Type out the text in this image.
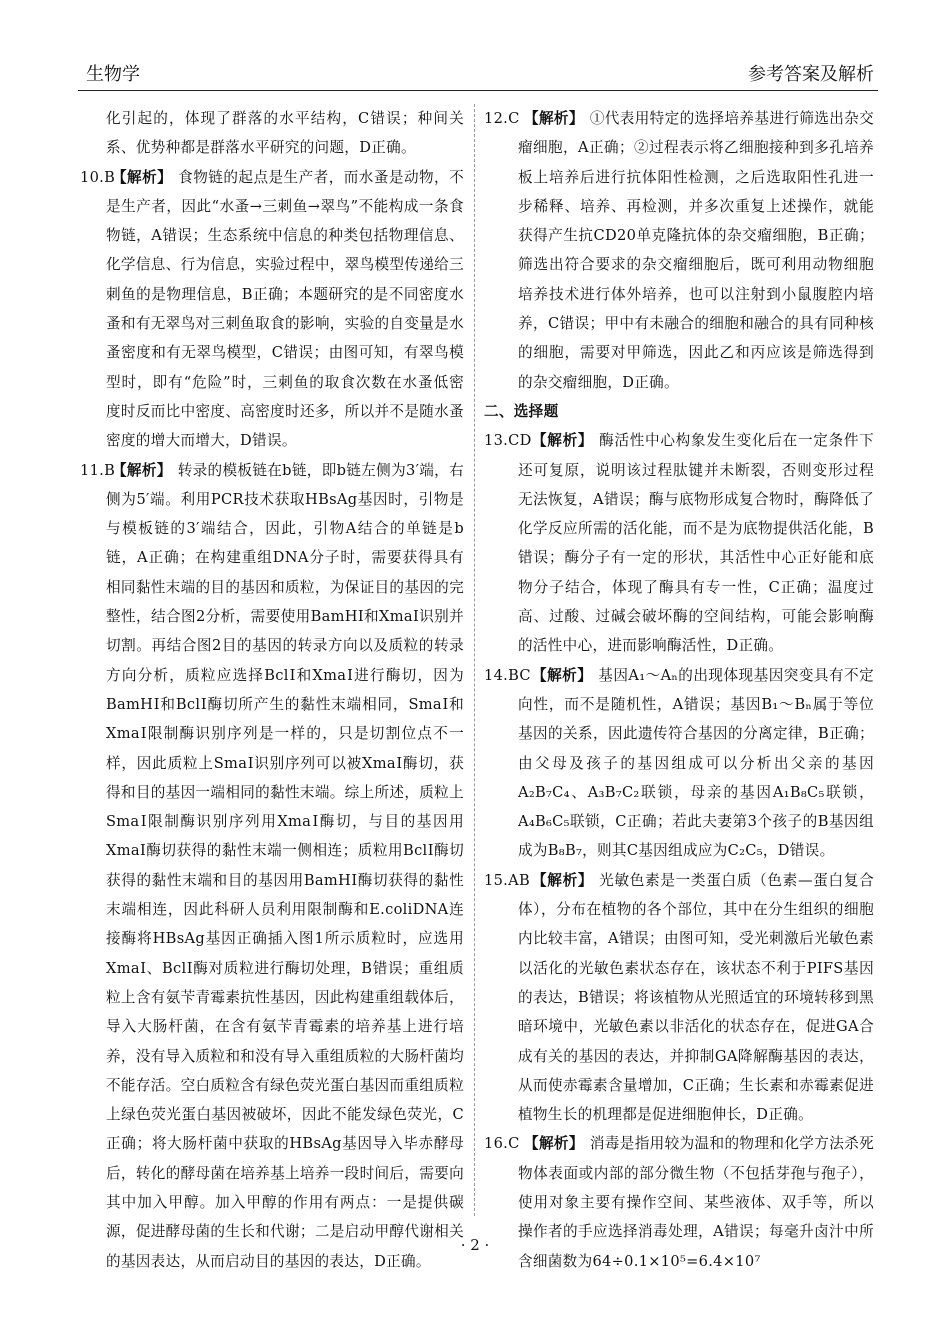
生物学	参考答案及解析

化引起的，体现了群落的水平结构，C错误；种间关系、优势种都是群落水平研究的问题，D正确。

10.B
【解析】 食物链的起点是生产者，而水蚤是动物，不是生产者，因此“水蚤→三刺鱼→翠鸟”不能构成一条食物链，A错误；生态系统中信息的种类包括物理信息、化学信息、行为信息，实验过程中，翠鸟模型传递给三刺鱼的是物理信息，B正确；本题研究的是不同密度水蚤和有无翠鸟对三刺鱼取食的影响，实验的自变量是水蚤密度和有无翠鸟模型，C错误；由图可知，有翠鸟模型时，即有“危险”时，三刺鱼的取食次数在水蚤低密度时反而比中密度、高密度时还多，所以并不是随水蚤密度的增大而增大，D错误。

11.B
【解析】 转录的模板链在b链，即b链左侧为3′端，右侧为5′端。利用PCR技术获取HBsAg基因时，引物是与模板链的3′端结合，因此，引物A结合的单链是b链，A正确；在构建重组DNA分子时，需要获得具有相同黏性末端的目的基因和质粒，为保证目的基因的完整性，结合图2分析，需要使用BamHⅠ和XmaⅠ识别并切割。再结合图2目的基因的转录方向以及质粒的转录方向分析，质粒应选择BclⅠ和XmaⅠ进行酶切，因为BamHⅠ和BclⅠ酶切所产生的黏性末端相同，SmaⅠ和XmaⅠ限制酶识别序列是一样的，只是切割位点不一样，因此质粒上SmaⅠ识别序列可以被XmaⅠ酶切，获得和目的基因一端相同的黏性末端。综上所述，质粒上SmaⅠ限制酶识别序列用XmaⅠ酶切，与目的基因用XmaⅠ酶切获得的黏性末端一侧相连；质粒用BclⅠ酶切获得的黏性末端和目的基因用BamHⅠ酶切获得的黏性末端相连，因此科研人员利用限制酶和E.coliDNA连接酶将HBsAg基因正确插入图1所示质粒时，应选用XmaⅠ、BclⅠ酶对质粒进行酶切处理，B错误；重组质粒上含有氨苄青霉素抗性基因，因此构建重组载体后，导入大肠杆菌，在含有氨苄青霉素的培养基上进行培养，没有导入质粒和和没有导入重组质粒的大肠杆菌均不能存活。空白质粒含有绿色荧光蛋白基因而重组质粒上绿色荧光蛋白基因被破坏，因此不能发绿色荧光，C正确；将大肠杆菌中获取的HBsAg基因导入毕赤酵母后，转化的酵母菌在培养基上培养一段时间后，需要向其中加入甲醇。加入甲醇的作用有两点：一是提供碳源，促进酵母菌的生长和代谢；二是启动甲醇代谢相关的基因表达，从而启动目的基因的表达，D正确。

12.C 【解析】 ①代表用特定的选择培养基进行筛选出杂交瘤细胞，A正确；②过程表示将乙细胞接种到多孔培养板上培养后进行抗体阳性检测，之后选取阳性孔进一步稀释、培养、再检测，并多次重复上述操作，就能获得产生抗CD20单克隆抗体的杂交瘤细胞，B正确；筛选出符合要求的杂交瘤细胞后，既可利用动物细胞培养技术进行体外培养，也可以注射到小鼠腹腔内培养，C错误；甲中有未融合的细胞和融合的具有同种核的细胞，需要对甲筛选，因此乙和丙应该是筛选得到的杂交瘤细胞，D正确。

二、选择题

13.CD 【解析】 酶活性中心构象发生变化后在一定条件下还可复原，说明该过程肽键并未断裂，否则变形过程无法恢复，A错误；酶与底物形成复合物时，酶降低了化学反应所需的活化能，而不是为底物提供活化能，B错误；酶分子有一定的形状，其活性中心正好能和底物分子结合，体现了酶具有专一性，C正确；温度过高、过酸、过碱会破坏酶的空间结构，可能会影响酶的活性中心，进而影响酶活性，D正确。

14.BC 【解析】 基因A₁～Aₙ的出现体现基因突变具有不定向性，而不是随机性，A错误；基因B₁～Bₙ属于等位基因的关系，因此遗传符合基因的分离定律，B正确；由父母及孩子的基因组成可以分析出父亲的基因A₂B₇C₄、A₃B₇C₂联锁，母亲的基因A₁B₈C₅联锁，A₄B₆C₅联锁，C正确；若此夫妻第3个孩子的B基因组成为B₈B₇，则其C基因组成应为C₂C₅，D错误。

15.AB 【解析】 光敏色素是一类蛋白质（色素—蛋白复合体），分布在植物的各个部位，其中在分生组织的细胞内比较丰富，A错误；由图可知，受光刺激后光敏色素以活化的光敏色素状态存在，该状态不利于PIFS基因的表达，B错误；将该植物从光照适宜的环境转移到黑暗环境中，光敏色素以非活化的状态存在，促进GA合成有关的基因的表达，并抑制GA降解酶基因的表达，从而使赤霉素含量增加，C正确；生长素和赤霉素促进植物生长的机理都是促进细胞伸长，D正确。

16.C 【解析】 消毒是指用较为温和的物理和化学方法杀死物体表面或内部的部分微生物（不包括芽孢与孢子），使用对象主要有操作空间、某些液体、双手等，所以操作者的手应选择消毒处理，A错误；每毫升卤汁中所含细菌数为64÷0.1×10⁵=6.4×10⁷

· 2 ·
